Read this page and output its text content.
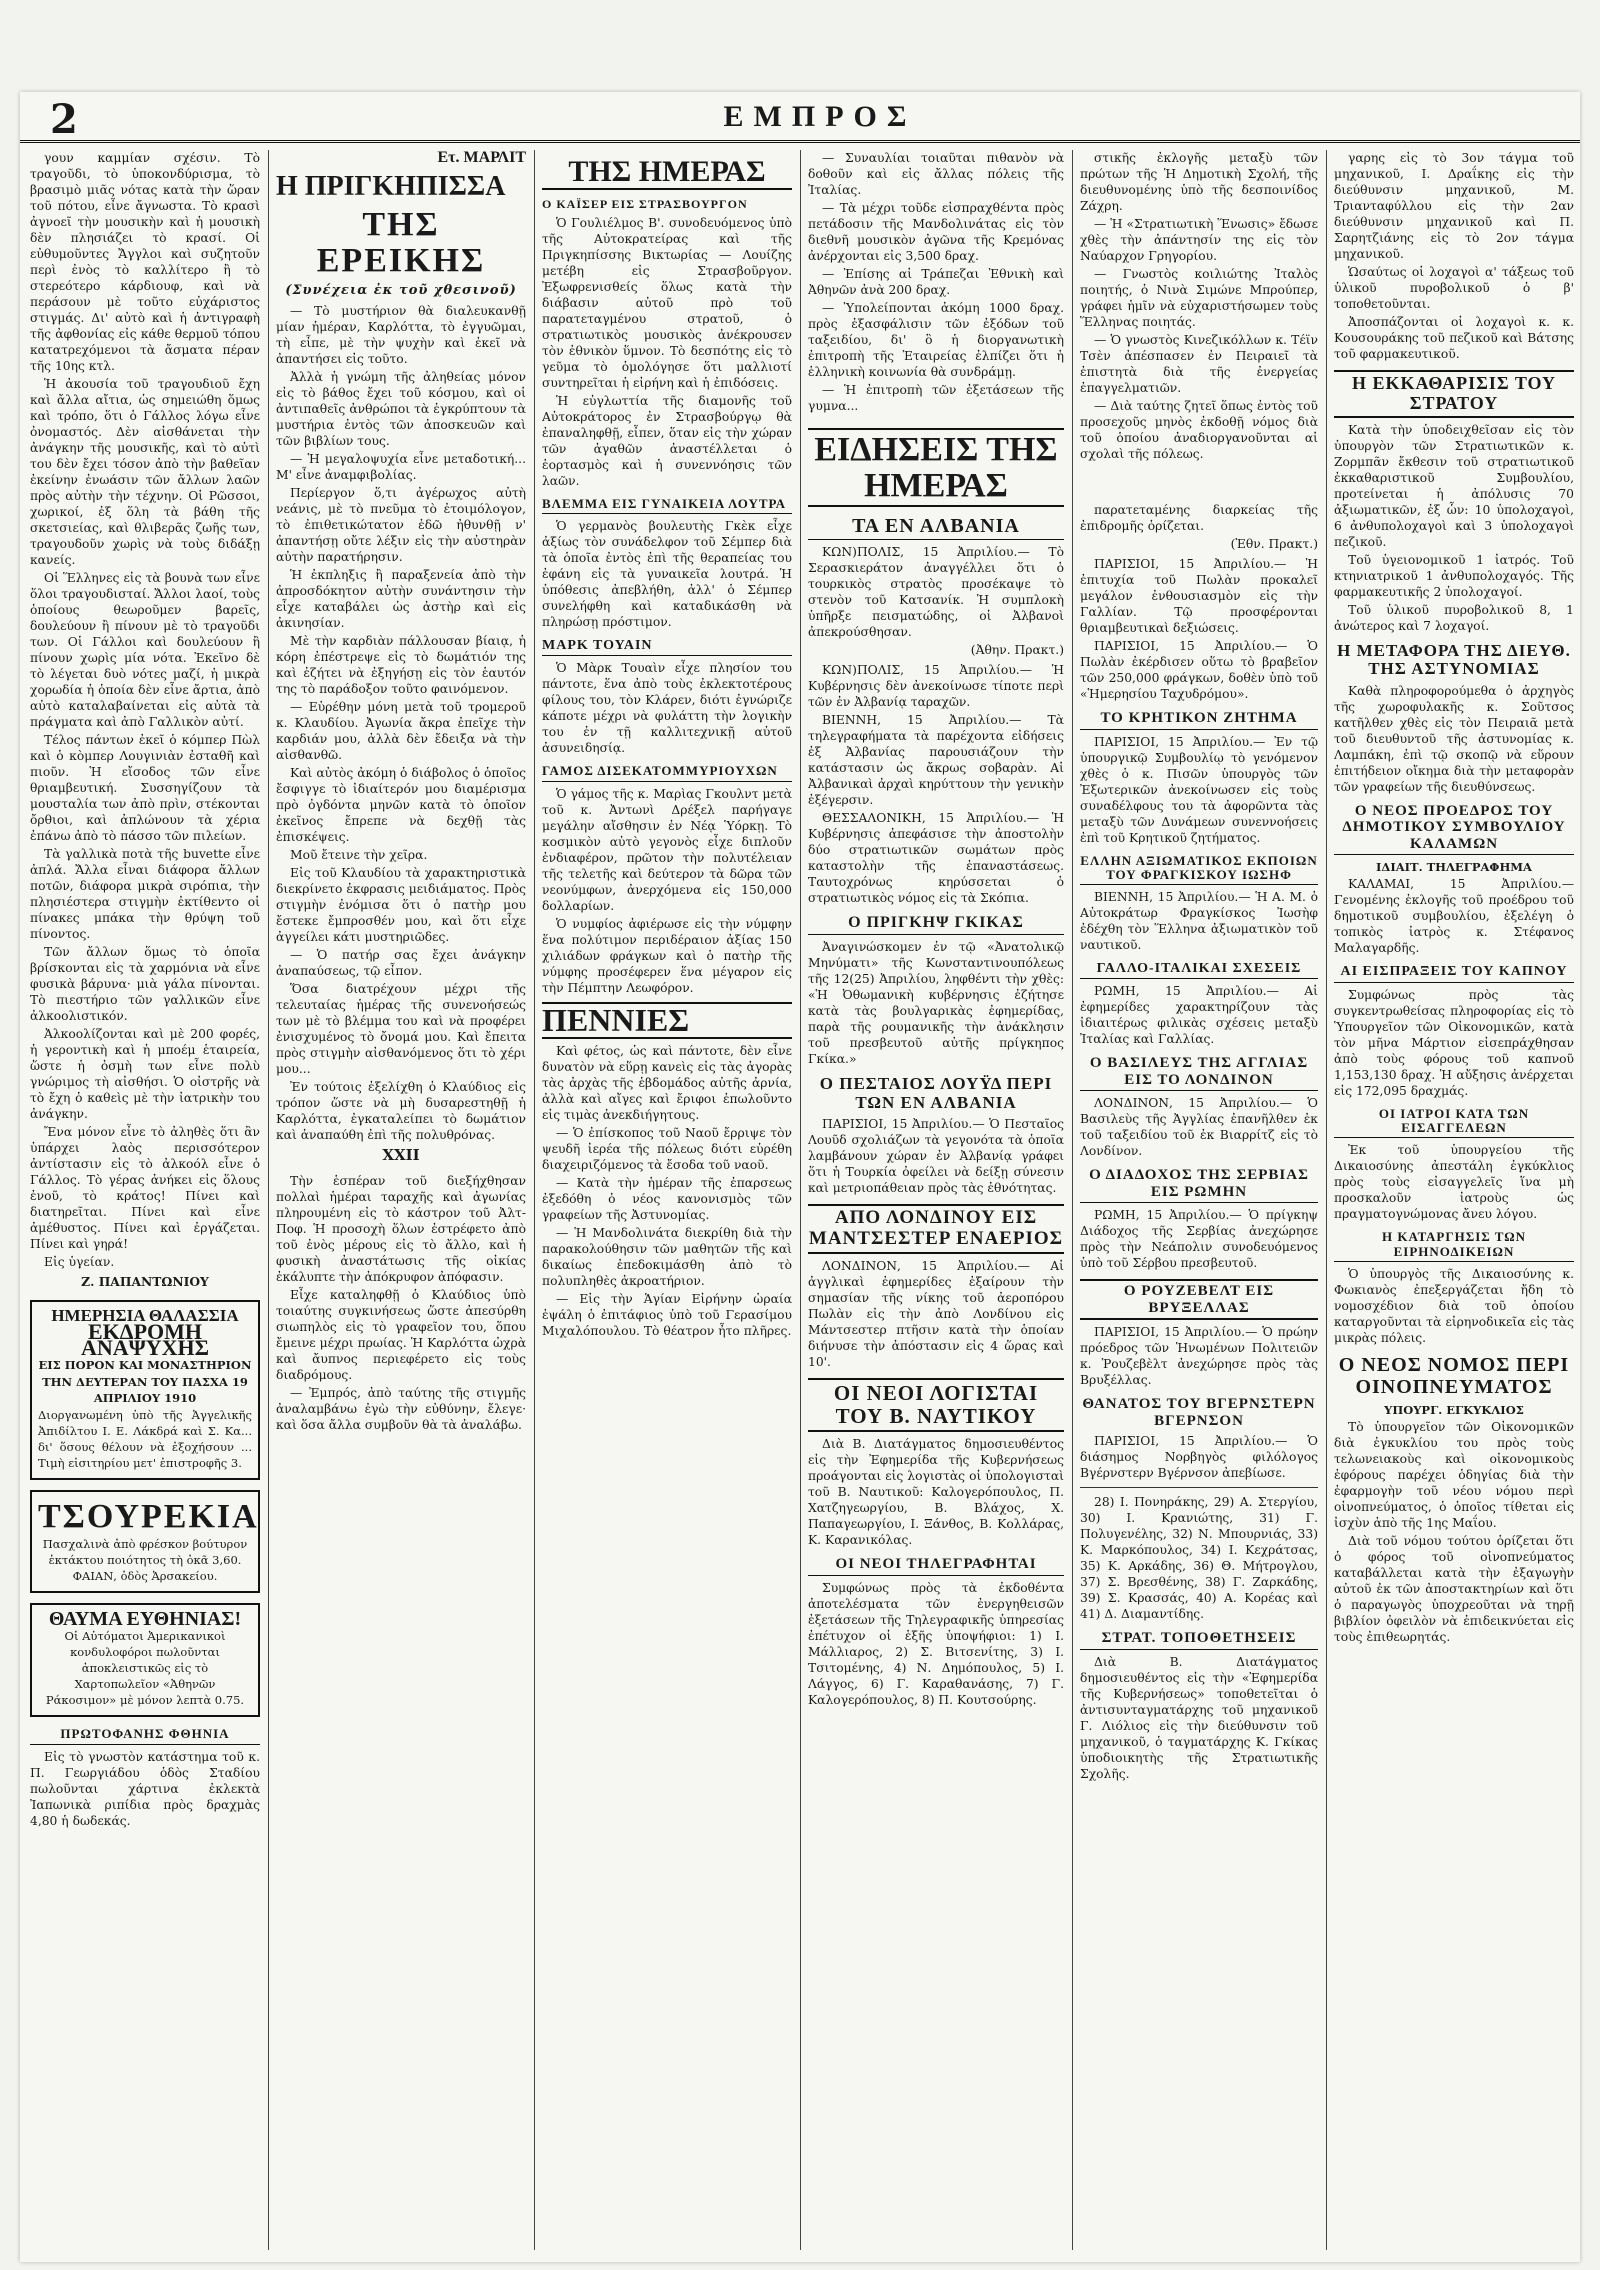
2	ΕΜΠΡΟΣ

γουν καμμίαν σχέσιν. Τὸ τραγοῦδι, τὸ ὑποκονδύρισμα, τὸ βρασιμὸ μιᾶς νότας κατὰ τὴν ὥραν τοῦ πότου, εἶνε ἄγνωστα. Τὸ κρασὶ ἀγνοεῖ τὴν μουσικὴν καὶ ἡ μουσικὴ δὲν πλησιάζει τὸ κρασί. Οἱ εὐθυμοῦντες Ἄγγλοι καὶ συζητοῦν περὶ ἐνὸς τὸ καλλίτερο ἢ τὸ στερεότερο κάρδιουφ, καὶ νὰ περάσουν μὲ τοῦτο εὐχάριστος στιγμάς. Δι' αὐτὸ καὶ ἡ ἀντιγραφὴ τῆς ἀφθονίας εἰς κάθε θερμοῦ τόπου κατατρεχόμενοι τὰ ἄσματα πέραν τῆς 10ης κτλ.

Ἡ ἀκουσία τοῦ τραγουδιοῦ ἔχη καὶ ἄλλα αἴτια, ὡς σημειώθη ὅμως καὶ τρόπο, ὅτι ὁ Γάλλος λόγω εἶνε ὀνομαστός. Δὲν αἰσθάνεται τὴν ἀνάγκην τῆς μουσικῆς, καὶ τὸ αὐτὶ του δὲν ἔχει τόσον ἀπὸ τὴν βαθεῖαν ἐκείνην ἐνωάσιν τῶν ἄλλων λαῶν πρὸς αὐτὴν τὴν τέχνην. Οἱ Ρῶσσοι, χωρικοί, ἐξ ὅλη τὰ βάθη τῆς σκετσιείας, καὶ θλιβερᾶς ζωῆς των, τραγουδοῦν χωρὶς νὰ τοὺς διδάξῃ κανείς.

Οἱ Ἕλληνες εἰς τὰ βουνὰ των εἶνε ὅλοι τραγουδισταί. Ἄλλοι λαοί, τοὺς ὁποίους θεωροῦμεν βαρεῖς, δουλεύουν ἢ πίνουν μὲ τὸ τραγοῦδι των. Οἱ Γάλλοι καὶ δουλεύουν ἢ πίνουν χωρὶς μία νότα. Ἐκεῖνο δὲ τὸ λέγεται δυὸ νότες μαζί, ἡ μικρὰ χορωδία ἡ ὁποία δὲν εἶνε ἄρτια, ἀπὸ αὐτὸ καταλαβαίνεται εἰς αὐτὰ τὰ πράγματα καὶ ἀπὸ Γαλλικὸν αὐτί.

Τέλος πάντων ἐκεῖ ὁ κόμπερ Πὼλ καὶ ὁ κὸμπερ Λουγινιὰν ἐσταθῆ καὶ πιοῦν. Ἡ εἴσοδος τῶν εἶνε θριαμβευτική. Συσσηγίζουν τὰ μουσταλία των ἀπὸ πρὶν, στέκονται ὄρθιοι, καὶ ἀπλώνουν τὰ χέρια ἐπάνω ἀπὸ τὸ πάσσο τῶν πιλείων.

Τὰ γαλλικὰ ποτὰ τῆς buvette εἶνε ἀπλά. Ἄλλα εἶναι διάφορα ἄλλων ποτῶν, διάφορα μικρὰ σιρόπια, τὴν πλησιέστερα στιγμὴν ἐκτίθεντο οἱ πίνακες μπάκα τὴν θρύψη τοῦ πίνοντος.

Τῶν ἄλλων ὅμως τὸ ὁποῖα βρίσκονται εἰς τὰ χαρμόνια νὰ εἶνε φυσικὰ βάρυνα· μιὰ γάλα πίνονται. Τὸ πιεστήριο τῶν γαλλικῶν εἶνε ἀλκοολιστικόν.

Ἀλκοολίζονται καὶ μὲ 200 φορές, ἡ γεροντικὴ καὶ ἡ μποέμ ἑταιρεία, ὥστε ἡ ὀσμὴ των εἶνε πολὺ γνώριμος τὴ αἰσθήσι. Ὁ οἰστρῆς νὰ τὸ ἔχη ὁ καθεὶς μὲ τὴν ἰατρικὴν του ἀνάγκην.

Ἔνα μόνον εἶνε τὸ ἀληθὲς ὅτι ἂν ὑπάρχει λαὸς περισσότερον ἀντίστασιν εἰς τὸ ἀλκοόλ εἶνε ὁ Γάλλος. Τὸ γέρας ἀνήκει εἰς ὅλους ἐνοῦ, τὸ κράτος! Πίνει καὶ διατηρεῖται. Πίνει καὶ εἶνε ἀμέθυστος. Πίνει καὶ ἐργάζεται. Πίνει καὶ γηρά!

Εἰς ὑγείαν.

Ζ. ΠΑΠΑΝΤΩΝΙΟΥ
ΗΜΕΡΗΣΙΑ ΘΑΛΑΣΣΙΑ
ΕΚΔΡΟΜΗ ΑΝΑΨΥΧΗΣ
ΕΙΣ ΠΟΡΟΝ ΚΑΙ ΜΟΝΑΣΤΗΡΙΟΝ
ΤΗΝ ΔΕΥΤΕΡΑΝ ΤΟΥ ΠΑΣΧΑ 19 ΑΠΡΙΛΙΟΥ 1910
Διοργανωμένη ὑπὸ τῆς Ἀγγελικῆς Ἀπιδίλτου Ι. Ε. Λάκδρά καὶ Σ. Κα... δι' ὅσους θέλουν νὰ ἐξοχήσουν ... Τιμὴ εἰσιτηρίου μετ' ἐπιστροφῆς 3.
ΤΣΟΥΡΕΚΙΑ
Πασχαλινὰ ἀπὸ φρέσκον βούτυρον ἐκτάκτου ποιότητος τὴ ὀκᾶ 3,60. ΦΑΙΑΝ, ὁδὸς Ἀρσακείου.
ΘΑΥΜΑ ΕΥΘΗΝΙΑΣ!
Οἱ Αὐτόματοι Ἀμερικανικοὶ κονδυλοφόροι πωλοῦνται ἀποκλειστικῶς εἰς τὸ Χαρτοπωλεῖον «Ἀθηνῶν Ράκοσιμον» μὲ μόνον λεπτὰ 0.75.
ΠΡΩΤΟΦΑΝΗΣ ΦΘΗΝΙΑ

Εἰς τὸ γνωστὸν κατάστημα τοῦ κ. Π. Γεωργιάδου ὁδὸς Σταδίου πωλοῦνται χάρτινα ἐκλεκτὰ Ἰαπωνικὰ ριπίδια πρὸς δραχμὰς 4,80 ἡ δωδεκάς.

Ετ. ΜΑΡΛΙΤ
Η ΠΡΙΓΚΗΠΙΣΣΑ
ΤΗΣ ΕΡΕΙΚΗΣ
(Συνέχεια ἐκ τοῦ χθεσινοῦ)

— Τὸ μυστήριον θὰ διαλευκανθῇ μίαν ἡμέραν, Καρλόττα, τὸ ἐγγυῶμαι, τὴ εἶπε, μὲ τὴν ψυχὴν καὶ ἐκεῖ νὰ ἀπαντήσει εἰς τοῦτο.

Ἀλλὰ ἡ γνώμη τῆς ἀληθείας μόνον εἰς τὸ βάθος ἔχει τοῦ κόσμου, καὶ οἱ ἀντιπαθεῖς ἀνθρώποι τὰ ἐγκρύπτουν τὰ μυστήρια ἐντὸς τῶν ἀποσκευῶν καὶ τῶν βιβλίων τους.

— Ἡ μεγαλοψυχία εἶνε μεταδοτική... Μ' εἶνε ἀναμφιβολίας.

Περίεργον ὅ,τι ἀγέρωχος αὐτὴ νεάνις, μὲ τὸ πνεῦμα τὸ ἐτοιμόλογον, τὸ ἐπιθετικώτατον ἐδῶ ἠθυνθῇ ν' ἀπαντήσῃ οὔτε λέξιν εἰς τὴν αὐστηρὰν αὐτὴν παρατήρησιν.

Ἡ ἐκπληξις ἢ παραξενεία ἀπὸ τὴν ἀπροσδόκητον αὐτὴν συνάντησιν τὴν εἶχε καταβάλει ὡς ἀστὴρ καὶ εἰς ἀκινησίαν.

Μὲ τὴν καρδιὰν πάλλουσαν βίαιᾳ, ἡ κόρη ἐπέστρεψε εἰς τὸ δωμάτιόν της καὶ ἐζήτει νὰ ἐξηγήσῃ εἰς τὸν ἑαυτόν της τὸ παράδοξον τοῦτο φαινόμενον.

— Εὑρέθην μόνη μετὰ τοῦ τρομεροῦ κ. Κλαυδίου. Ἀγωνία ἄκρα ἐπεῖχε τὴν καρδιάν μου, ἀλλὰ δὲν ἔδειξα νὰ τὴν αἰσθανθῶ.

Καὶ αὐτὸς ἀκόμη ὁ διάβολος ὁ ὁποῖος ἔσφιγγε τὸ ἰδιαίτερόν μου διαμέρισμα πρὸ ὀγδόντα μηνῶν κατὰ τὸ ὁποῖον ἐκεῖνος ἔπρεπε νὰ δεχθῇ τὰς ἐπισκέψεις.

Μοῦ ἔτεινε τὴν χεῖρα.

Εἰς τοῦ Κλαυδίου τὰ χαρακτηριστικὰ διεκρίνετο ἐκφρασις μειδιάματος. Πρὸς στιγμὴν ἐνόμισα ὅτι ὁ πατὴρ μου ἔστεκε ἔμπροσθέν μου, καὶ ὅτι εἶχε ἀγγείλει κάτι μυστηριῶδες.

— Ὁ πατήρ σας ἔχει ἀνάγκην ἀναπαύσεως, τῷ εἶπον.

Ὅσα διατρέχουν μέχρι τῆς τελευταίας ἡμέρας τῆς συνενοήσεώς των μὲ τὸ βλέμμα του καὶ νὰ προφέρει ἐνισχυμένος τὸ ὄνομά μου. Καὶ ἔπειτα πρὸς στιγμὴν αἰσθανόμενος ὅτι τὸ χέρι μου...

Ἐν τούτοις ἐξελίχθη ὁ Κλαύδιος εἰς τρόπον ὥστε νὰ μὴ δυσαρεστηθῇ ἡ Καρλόττα, ἐγκαταλείπει τὸ δωμάτιον καὶ ἀναπαύθη ἐπὶ τῆς πολυθρόνας.

XXII

Τὴν ἑσπέραν τοῦ διεξήχθησαν πολλαὶ ἡμέραι ταραχῆς καὶ ἀγωνίας πληρουμένη εἰς τὸ κάστρον τοῦ Ἀλτ-Ποφ. Ἡ προσοχὴ ὅλων ἐστρέφετο ἀπὸ τοῦ ἐνὸς μέρους εἰς τὸ ἄλλο, καὶ ἡ φυσικὴ ἀναστάτωσις τῆς οἰκίας ἐκάλυπτε τὴν ἀπόκρυφον ἀπόφασιν.

Εἶχε καταληφθῇ ὁ Κλαύδιος ὑπὸ τοιαύτης συγκινήσεως ὥστε ἀπεσύρθη σιωπηλὸς εἰς τὸ γραφεῖον του, ὅπου ἔμεινε μέχρι πρωίας. Ἡ Καρλόττα ὠχρὰ καὶ ἄυπνος περιεφέρετο εἰς τοὺς διαδρόμους.

— Ἐμπρός, ἀπὸ ταύτης τῆς στιγμῆς ἀναλαμβάνω ἐγὼ τὴν εὐθύνην, ἔλεγε· καὶ ὅσα ἄλλα συμβοῦν θὰ τὰ ἀναλάβω.

ΤΗΣ ΗΜΕΡΑΣ
Ο ΚΑΪΣΕΡ ΕΙΣ ΣΤΡΑΣΒΟΥΡΓΟΝ

Ὁ Γουλιέλμος Β'. συνοδευόμενος ὑπὸ τῆς Αὐτοκρατείρας καὶ τῆς Πριγκηπίσσης Βικτωρίας — Λουίζης μετέβη εἰς Στρασβοῦργον. Ἐξωφρενισθείς ὅλως κατὰ τὴν διάβασιν αὐτοῦ πρὸ τοῦ παρατεταγμένου στρατοῦ, ὁ στρατιωτικὸς μουσικὸς ἀνέκρουσεν τὸν ἐθνικὸν ὕμνον. Τὸ δεσπότης εἰς τὸ γεῦμα τὸ ὁμολόγησε ὅτι μαλλιοτί συντηρεῖται ἡ εἰρήνη καὶ ἡ ἐπιδόσεις.

Ἡ εὐγλωττία τῆς διαμονῆς τοῦ Αὐτοκράτορος ἐν Στρασβούργῳ θὰ ἐπαναληφθῇ, εἶπεν, ὅταν εἰς τὴν χώραν τῶν ἀγαθῶν ἀναστέλλεται ὁ ἑορτασμὸς καὶ ἡ συνεννόησις τῶν λαῶν.

ΒΛΕΜΜΑ ΕΙΣ ΓΥΝΑΙΚΕΙΑ ΛΟΥΤΡΑ

Ὁ γερμανὸς βουλευτὴς Γκὲκ εἶχε ἀξίως τὸν συνάδελφον τοῦ Σέμπερ διὰ τὰ ὁποῖα ἐντὸς ἐπὶ τῆς θεραπείας του ἐφάνη εἰς τὰ γυναικεῖα λουτρά. Ἡ ὑπόθεσις ἀπεβλήθη, ἀλλ' ὁ Σέμπερ συνελήφθη καὶ καταδικάσθη νὰ πληρώσῃ πρόστιμον.

ΜΑΡΚ ΤΟΥΑΙΝ

Ὁ Μὰρκ Τουαὶν εἶχε πλησίον του πάντοτε, ἕνα ἀπὸ τοὺς ἐκλεκτοτέρους φίλους του, τὸν Κλάρεν, διότι ἐγνώριζε κάποτε μέχρι νὰ φυλάττη τὴν λογικὴν του ἐν τῇ καλλιτεχνικῇ αὐτοῦ ἀσυνειδησίᾳ.

ΓΑΜΟΣ ΔΙΣΕΚΑΤΟΜΜΥΡΙΟΥΧΩΝ

Ὁ γάμος τῆς κ. Μαρὶας Γκουλντ μετὰ τοῦ κ. Ἀντωνὶ Δρέξελ παρήγαγε μεγάλην αἴσθησιν ἐν Νέᾳ Ὑόρκῃ. Τὸ κοσμικὸν αὐτὸ γεγονὸς εἶχε διπλοῦν ἐνδιαφέρον, πρῶτον τὴν πολυτέλειαν τῆς τελετῆς καὶ δεύτερον τὰ δῶρα τῶν νεονύμφων, ἀνερχόμενα εἰς 150,000 δολλαρίων.

Ὁ νυμφίος ἀφιέρωσε εἰς τὴν νύμφην ἕνα πολύτιμον περιδέραιον ἀξίας 150 χιλιάδων φράγκων καὶ ὁ πατὴρ τῆς νύμφης προσέφερεν ἕνα μέγαρον εἰς τὴν Πέμπτην Λεωφόρον.

ΠΕΝΝΙΕΣ

Καὶ φέτος, ὡς καὶ πάντοτε, δὲν εἶνε δυνατὸν νὰ εὕρῃ κανεὶς εἰς τὰς ἀγορὰς τὰς ἀρχὰς τῆς ἑβδομάδος αὐτῆς ἀρνία, ἀλλὰ καὶ αἴγες καὶ ἔριφοι ἐπωλοῦντο εἰς τιμὰς ἀνεκδιήγητους.

— Ὁ ἐπίσκοπος τοῦ Ναοῦ ἔρριψε τὸν ψευδῆ ἰερέα τῆς πόλεως διότι εὑρέθη διαχειριζόμενος τὰ ἔσοδα τοῦ ναοῦ.

— Κατὰ τὴν ἡμέραν τῆς ἐπαρσεως ἐξεδόθη ὁ νέος κανονισμὸς τῶν γραφείων τῆς Ἀστυνομίας.

— Ἡ Μανδολινάτα διεκρίθη διὰ τὴν παρακολούθησιν τῶν μαθητῶν τῆς καὶ δικαίως ἐπεδοκιμάσθη ἀπὸ τὸ πολυπληθὲς ἀκροατήριον.

— Εἰς τὴν Ἁγίαν Εἰρήνην ὡραία ἐψάλη ὁ ἐπιτάφιος ὑπὸ τοῦ Γερασίμου Μιχαλόπουλου. Τὸ θέατρον ἦτο πλῆρες.

— Συναυλίαι τοιαῦται πιθανὸν νὰ δοθοῦν καὶ εἰς ἄλλας πόλεις τῆς Ἰταλίας.

— Τὰ μέχρι τοῦδε εἰσπραχθέντα πρὸς πετάδοσιν τῆς Μανδολινάτας εἰς τὸν διεθνῆ μουσικὸν ἀγῶνα τῆς Κρεμόνας ἀνέρχονται εἰς 3,500 δραχ.

— Ἐπίσης αἱ Τράπεζαι Ἐθνικὴ καὶ Ἀθηνῶν ἀνὰ 200 δραχ.

— Ὑπολείπονται ἀκόμη 1000 δραχ. πρὸς ἐξασφάλισιν τῶν ἐξόδων τοῦ ταξειδίου, δι' ὃ ἡ διοργανωτικὴ ἐπιτροπὴ τῆς Ἑταιρείας ἐλπίζει ὅτι ἡ ἑλληνικὴ κοινωνία θὰ συνδράμῃ.

— Ἡ ἐπιτροπὴ τῶν ἐξετάσεων τῆς γυμνα...

ΕΙΔΗΣΕΙΣ ΤΗΣ ΗΜΕΡΑΣ
ΤΑ ΕΝ ΑΛΒΑΝΙΑ

ΚΩΝ)ΠΟΛΙΣ, 15 Ἀπριλίου.— Τὸ Σερασκιεράτον ἀναγγέλλει ὅτι ὁ τουρκικὸς στρατὸς προσέκαψε τὸ στενὸν τοῦ Κατσανίκ. Ἡ συμπλοκὴ ὑπῆρξε πεισματώδης, οἱ Ἀλβανοὶ ἀπεκρούσθησαν.

(Ἀθην. Πρακτ.)

ΚΩΝ)ΠΟΛΙΣ, 15 Ἀπριλίου.— Ἡ Κυβέρνησις δὲν ἀνεκοίνωσε τίποτε περὶ τῶν ἐν Ἀλβανίᾳ ταραχῶν.

ΒΙΕΝΝΗ, 15 Ἀπριλίου.— Τὰ τηλεγραφήματα τὰ παρέχοντα εἰδήσεις ἐξ Ἀλβανίας παρουσιάζουν τὴν κατάστασιν ὡς ἄκρως σοβαρὰν. Αἱ Ἀλβανικαὶ ἀρχαὶ κηρύττουν τὴν γενικὴν ἐξέγερσιν.

ΘΕΣΣΑΛΟΝΙΚΗ, 15 Ἀπριλίου.— Ἡ Κυβέρνησις ἀπεφάσισε τὴν ἀποστολὴν δύο στρατιωτικῶν σωμάτων πρὸς καταστολὴν τῆς ἐπαναστάσεως. Ταυτοχρόνως κηρύσσεται ὁ στρατιωτικὸς νόμος εἰς τὰ Σκόπια.

Ο ΠΡΙΓΚΗΨ ΓΚΙΚΑΣ

Ἀναγινώσκομεν ἐν τῷ «Ἀνατολικῷ Μηνύματι» τῆς Κωνσταντινουπόλεως τῆς 12(25) Ἀπριλίου, ληφθέντι τὴν χθὲς: «Ἡ Ὀθωμανικὴ κυβέρνησις ἐζήτησε κατὰ τὰς βουλγαρικὰς ἐφημερίδας, παρὰ τῆς ρουμανικῆς τὴν ἀνάκλησιν τοῦ πρεσβευτοῦ αὐτῆς πρίγκηπος Γκίκα.»

Ο ΠΕΣΤΑΙΟΣ ΛΟΥΫΔ ΠΕΡΙ ΤΩΝ ΕΝ ΑΛΒΑΝΙΑ

ΠΑΡΙΣΙΟΙ, 15 Ἀπριλίου.— Ὁ Πεσταῖος Λουῦδ σχολιάζων τὰ γεγονότα τὰ ὁποῖα λαμβάνουν χώραν ἐν Ἀλβανίᾳ γράφει ὅτι ἡ Τουρκία ὀφείλει νὰ δείξῃ σύνεσιν καὶ μετριοπάθειαν πρὸς τὰς ἐθνότητας.

ΑΠΟ ΛΟΝΔΙΝΟΥ ΕΙΣ ΜΑΝΤΣΕΣΤΕΡ ΕΝΑΕΡΙΟΣ

ΛΟΝΔΙΝΟΝ, 15 Ἀπριλίου.— Αἱ ἀγγλικαὶ ἐφημερίδες ἐξαίρουν τὴν σημασίαν τῆς νίκης τοῦ ἀεροπόρου Πωλὰν εἰς τὴν ἀπὸ Λονδίνου εἰς Μάντσεστερ πτῆσιν κατὰ τὴν ὁποίαν διήνυσε τὴν ἀπόστασιν εἰς 4 ὥρας καὶ 10'.

ΟΙ ΝΕΟΙ ΛΟΓΙΣΤΑΙ ΤΟΥ Β. ΝΑΥΤΙΚΟΥ

Διὰ Β. Διατάγματος δημοσιευθέντος εἰς τὴν Ἐφημερίδα τῆς Κυβερνήσεως προάγονται εἰς λογιστὰς οἱ ὑπολογισταὶ τοῦ Β. Ναυτικοῦ: Καλογερόπουλος, Π. Χατζηγεωργίου, Β. Βλάχος, Χ. Παπαγεωργίου, Ι. Ξάνθος, Β. Κολλάρας, Κ. Καρανικόλας.

ΟΙ ΝΕΟΙ ΤΗΛΕΓΡΑΦΗΤΑΙ

Συμφώνως πρὸς τὰ ἐκδοθέντα ἀποτελέσματα τῶν ἐνεργηθεισῶν ἐξετάσεων τῆς Τηλεγραφικῆς ὑπηρεσίας ἐπέτυχον οἱ ἑξῆς ὑποψήφιοι: 1) Ι. Μάλλιαρος, 2) Σ. Βιτσενίτης, 3) Ι. Τσιτομένης, 4) Ν. Δημόπουλος, 5) Ι. Λάγγος, 6) Γ. Καραθανάσης, 7) Γ. Καλογερόπουλος, 8) Π. Κουτσούρης.

στικῆς ἐκλογῆς μεταξὺ τῶν πρώτων τῆς Ἡ Δημοτικὴ Σχολή, τῆς διευθυνομένης ὑπὸ τῆς δεσποινίδος Ζάχρη.

— Ἡ «Στρατιωτικὴ Ἕνωσις» ἔδωσε χθὲς τὴν ἀπάντησίν της εἰς τὸν Ναύαρχον Γρηγορίου.

— Γνωστὸς κοιλιώτης Ἰταλὸς ποιητής, ὁ Νινὰ Σιμώνε Μπρούπερ, γράφει ἡμῖν νὰ εὐχαριστήσωμεν τοὺς Ἕλληνας ποιητάς.

— Ὁ γνωστὸς Κινεζικόλλων κ. Τέϊν Τσὲν ἀπέσπασεν ἐν Πειραιεῖ τὰ ἐπιστητὰ διὰ τῆς ἐνεργείας ἐπαγγελματιῶν.

— Διὰ ταύτης ζητεῖ ὅπως ἐντὸς τοῦ προσεχοῦς μηνὸς ἐκδοθῇ νόμος διὰ τοῦ ὁποίου ἀναδιοργανοῦνται αἱ σχολαὶ τῆς πόλεως.

παρατεταμένης διαρκείας τῆς ἐπιδρομῆς ὁρίζεται.

(Ἐθν. Πρακτ.)

ΠΑΡΙΣΙΟΙ, 15 Ἀπριλίου.— Ἡ ἐπιτυχία τοῦ Πωλὰν προκαλεῖ μεγάλον ἐνθουσιασμὸν εἰς τὴν Γαλλίαν. Τῷ προσφέρονται θριαμβευτικαὶ δεξιώσεις.

ΠΑΡΙΣΙΟΙ, 15 Ἀπριλίου.— Ὁ Πωλὰν ἐκέρδισεν οὕτω τὸ βραβεῖον τῶν 250,000 φράγκων, δοθὲν ὑπὸ τοῦ «Ἡμερησίου Ταχυδρόμου».

ΤΟ ΚΡΗΤΙΚΟΝ ΖΗΤΗΜΑ

ΠΑΡΙΣΙΟΙ, 15 Ἀπριλίου.— Ἐν τῷ ὑπουργικῷ Συμβουλίῳ τὸ γενόμενον χθὲς ὁ κ. Πισῶν ὑπουργὸς τῶν Ἐξωτερικῶν ἀνεκοίνωσεν εἰς τοὺς συναδέλφους του τὰ ἀφορῶντα τὰς μεταξὺ τῶν Δυνάμεων συνεννοήσεις ἐπὶ τοῦ Κρητικοῦ ζητήματος.

ΕΛΛΗΝ ΑΞΙΩΜΑΤΙΚΟΣ ΕΚΠΟΙΩΝ ΤΟΥ ΦΡΑΓΚΙΣΚΟΥ ΙΩΣΗΦ

ΒΙΕΝΝΗ, 15 Ἀπριλίου.— Ἡ Α. Μ. ὁ Αὐτοκράτωρ Φραγκίσκος Ἰωσὴφ ἐδέχθη τὸν Ἕλληνα ἀξιωματικὸν τοῦ ναυτικοῦ.

ΓΑΛΛΟ-ΙΤΑΛΙΚΑΙ ΣΧΕΣΕΙΣ

ΡΩΜΗ, 15 Ἀπριλίου.— Αἱ ἐφημερίδες χαρακτηρίζουν τὰς ἰδιαιτέρως φιλικὰς σχέσεις μεταξὺ Ἰταλίας καὶ Γαλλίας.

Ο ΒΑΣΙΛΕΥΣ ΤΗΣ ΑΓΓΛΙΑΣ ΕΙΣ ΤΟ ΛΟΝΔΙΝΟΝ

ΛΟΝΔΙΝΟΝ, 15 Ἀπριλίου.— Ὁ Βασιλεὺς τῆς Ἀγγλίας ἐπανῆλθεν ἐκ τοῦ ταξειδίου τοῦ ἐκ Βιαρρίτζ εἰς τὸ Λονδίνον.

Ο ΔΙΑΔΟΧΟΣ ΤΗΣ ΣΕΡΒΙΑΣ ΕΙΣ ΡΩΜΗΝ

ΡΩΜΗ, 15 Ἀπριλίου.— Ὁ πρίγκηψ Διάδοχος τῆς Σερβίας ἀνεχώρησε πρὸς τὴν Νεάπολιν συνοδευόμενος ὑπὸ τοῦ Σέρβου πρεσβευτοῦ.

Ο ΡΟΥΖΕΒΕΛΤ ΕΙΣ ΒΡΥΞΕΛΛΑΣ

ΠΑΡΙΣΙΟΙ, 15 Ἀπριλίου.— Ὁ πρώην πρόεδρος τῶν Ἡνωμένων Πολιτειῶν κ. Ῥουζεβὲλτ ἀνεχώρησε πρὸς τὰς Βρυξέλλας.

ΘΑΝΑΤΟΣ ΤΟΥ ΒΓΕΡΝΣΤΕΡΝ ΒΓΕΡΝΣΟΝ

ΠΑΡΙΣΙΟΙ, 15 Ἀπριλίου.— Ὁ διάσημος Νορβηγὸς φιλόλογος Βγέρνστερν Βγέρνσον ἀπεβίωσε.

28) Ι. Πονηράκης, 29) Α. Στεργίου, 30) Ι. Κρανιώτης, 31) Γ. Πολυγενέλης, 32) Ν. Μπουρνιάς, 33) Κ. Μαρκόπουλος, 34) Ι. Κεχράτσας, 35) Κ. Αρκάδης, 36) Θ. Μήτρογλου, 37) Σ. Βρεσθένης, 38) Γ. Ζαρκάδης, 39) Σ. Κρασσάς, 40) Α. Κορέας καὶ 41) Δ. Διαμαντίδης.

ΣΤΡΑΤ. ΤΟΠΟΘΕΤΗΣΕΙΣ

Διὰ Β. Διατάγματος δημοσιευθέντος εἰς τὴν «Ἐφημερίδα τῆς Κυβερνήσεως» τοποθετεῖται ὁ ἀντισυνταγματάρχης τοῦ μηχανικοῦ Γ. Λιόλιος εἰς τὴν διεύθυνσιν τοῦ μηχανικοῦ, ὁ ταγματάρχης Κ. Γκίκας ὑποδιοικητὴς τῆς Στρατιωτικῆς Σχολῆς.

γαρης εἰς τὸ 3ον τάγμα τοῦ μηχανικοῦ, Ι. Δραΐκης εἰς τὴν διεύθυνσιν μηχανικοῦ, Μ. Τριανταφύλλου εἰς τὴν 2αν διεύθυνσιν μηχανικοῦ καὶ Π. Σαρητζιάνης εἰς τὸ 2ον τάγμα μηχανικοῦ.

Ὡσαύτως οἱ λοχαγοὶ α' τάξεως τοῦ ὑλικοῦ πυροβολικοῦ ὁ β' τοποθετοῦνται.

Ἀποσπάζονται οἱ λοχαγοὶ κ. κ. Κουσουράκης τοῦ πεζικοῦ καὶ Βάτσης τοῦ φαρμακευτικοῦ.

Η ΕΚΚΑΘΑΡΙΣΙΣ ΤΟΥ ΣΤΡΑΤΟΥ

Κατὰ τὴν ὑποδειχθεῖσαν εἰς τὸν ὑπουργὸν τῶν Στρατιωτικῶν κ. Ζορμπᾶν ἔκθεσιν τοῦ στρατιωτικοῦ ἐκκαθαριστικοῦ Συμβουλίου, προτείνεται ἡ ἀπόλυσις 70 ἀξιωματικῶν, ἐξ ὧν: 10 ὑπολοχαγοὶ, 6 ἀνθυπολοχαγοὶ καὶ 3 ὑπολοχαγοὶ πεζικοῦ.

Τοῦ ὑγειονομικοῦ 1 ἰατρός. Τοῦ κτηνιατρικοῦ 1 ἀνθυπολοχαγός. Τῆς φαρμακευτικῆς 2 ὑπολοχαγοί.

Τοῦ ὑλικοῦ πυροβολικοῦ 8, 1 ἀνώτερος καὶ 7 λοχαγοί.

Η ΜΕΤΑΦΟΡΑ ΤΗΣ ΔΙΕΥΘ. ΤΗΣ ΑΣΤΥΝΟΜΙΑΣ

Καθὰ πληροφορούμεθα ὁ ἀρχηγὸς τῆς χωροφυλακῆς κ. Σοῦτσος κατῆλθεν χθὲς εἰς τὸν Πειραιᾶ μετὰ τοῦ διευθυντοῦ τῆς ἀστυνομίας κ. Λαμπάκη, ἐπὶ τῷ σκοπῷ νὰ εὕρουν ἐπιτήδειον οἴκημα διὰ τὴν μεταφορὰν τῶν γραφείων τῆς διευθύνσεως.

Ο ΝΕΟΣ ΠΡΟΕΔΡΟΣ ΤΟΥ ΔΗΜΟΤΙΚΟΥ ΣΥΜΒΟΥΛΙΟΥ ΚΑΛΑΜΩΝ
ΙΔΙΑΙΤ. ΤΗΛΕΓΡΑΦΗΜΑ

ΚΑΛΑΜΑΙ, 15 Ἀπριλίου.— Γενομένης ἐκλογῆς τοῦ προέδρου τοῦ δημοτικοῦ συμβουλίου, ἐξελέγη ὁ τοπικὸς ἰατρὸς κ. Στέφανος Μαλαγαρδῆς.

ΑΙ ΕΙΣΠΡΑΞΕΙΣ ΤΟΥ ΚΑΠΝΟΥ

Συμφώνως πρὸς τὰς συγκεντρωθείσας πληροφορίας εἰς τὸ Ὑπουργεῖον τῶν Οἰκονομικῶν, κατὰ τὸν μῆνα Μάρτιον εἰσεπράχθησαν ἀπὸ τοὺς φόρους τοῦ καπνοῦ 1,153,130 δραχ. Ἡ αὔξησις ἀνέρχεται εἰς 172,095 δραχμάς.

ΟΙ ΙΑΤΡΟΙ ΚΑΤΑ ΤΩΝ ΕΙΣΑΓΓΕΛΕΩΝ

Ἐκ τοῦ ὑπουργείου τῆς Δικαιοσύνης ἀπεστάλη ἐγκύκλιος πρὸς τοὺς εἰσαγγελεῖς ἵνα μὴ προσκαλοῦν ἰατροὺς ὡς πραγματογνώμονας ἄνευ λόγου.

Η ΚΑΤΑΡΓΗΣΙΣ ΤΩΝ ΕΙΡΗΝΟΔΙΚΕΙΩΝ

Ὁ ὑπουργὸς τῆς Δικαιοσύνης κ. Φωκιανὸς ἐπεξεργάζεται ἤδη τὸ νομοσχέδιον διὰ τοῦ ὁποίου καταργοῦνται τὰ εἰρηνοδικεῖα εἰς τὰς μικρὰς πόλεις.

Ο ΝΕΟΣ ΝΟΜΟΣ ΠΕΡΙ ΟΙΝΟΠΝΕΥΜΑΤΟΣ
ΥΠΟΥΡΓ. ΕΓΚΥΚΛΙΟΣ

Τὸ ὑπουργεῖον τῶν Οἰκονομικῶν διὰ ἐγκυκλίου του πρὸς τοὺς τελωνειακοὺς καὶ οἰκονομικοὺς ἐφόρους παρέχει ὁδηγίας διὰ τὴν ἐφαρμογὴν τοῦ νέου νόμου περὶ οἰνοπνεύματος, ὁ ὁποῖος τίθεται εἰς ἰσχὺν ἀπὸ τῆς 1ης Μαΐου.

Διὰ τοῦ νόμου τούτου ὁρίζεται ὅτι ὁ φόρος τοῦ οἰνοπνεύματος καταβάλλεται κατὰ τὴν ἐξαγωγὴν αὐτοῦ ἐκ τῶν ἀποστακτηρίων καὶ ὅτι ὁ παραγωγὸς ὑποχρεοῦται νὰ τηρῇ βιβλίον ὀφειλὸν νὰ ἐπιδεικνύεται εἰς τοὺς ἐπιθεωρητάς.
